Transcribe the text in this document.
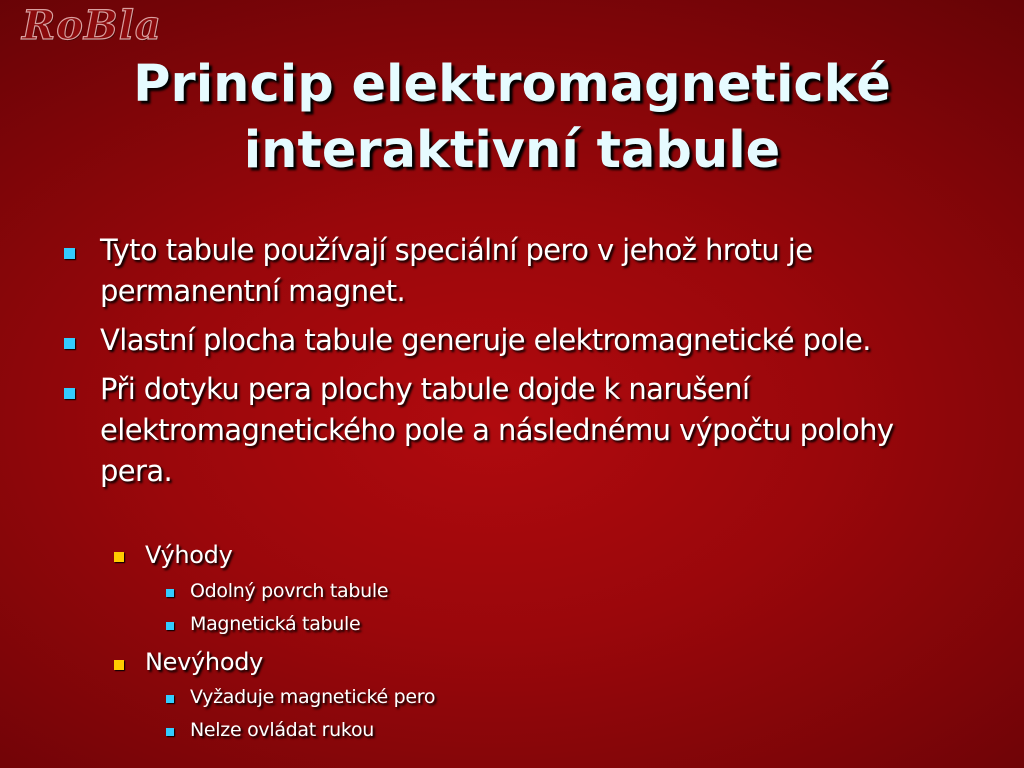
RoBla
Princip elektromagnetické
interaktivní tabule
Tyto tabule používají speciální pero v jehož hrotu je
permanentní magnet.
Vlastní plocha tabule generuje elektromagnetické pole.
Při dotyku pera plochy tabule dojde k narušení
elektromagnetického pole a následnému výpočtu polohy
pera.
Výhody
Odolný povrch tabule
Magnetická tabule
Nevýhody
Vyžaduje magnetické pero
Nelze ovládat rukou
